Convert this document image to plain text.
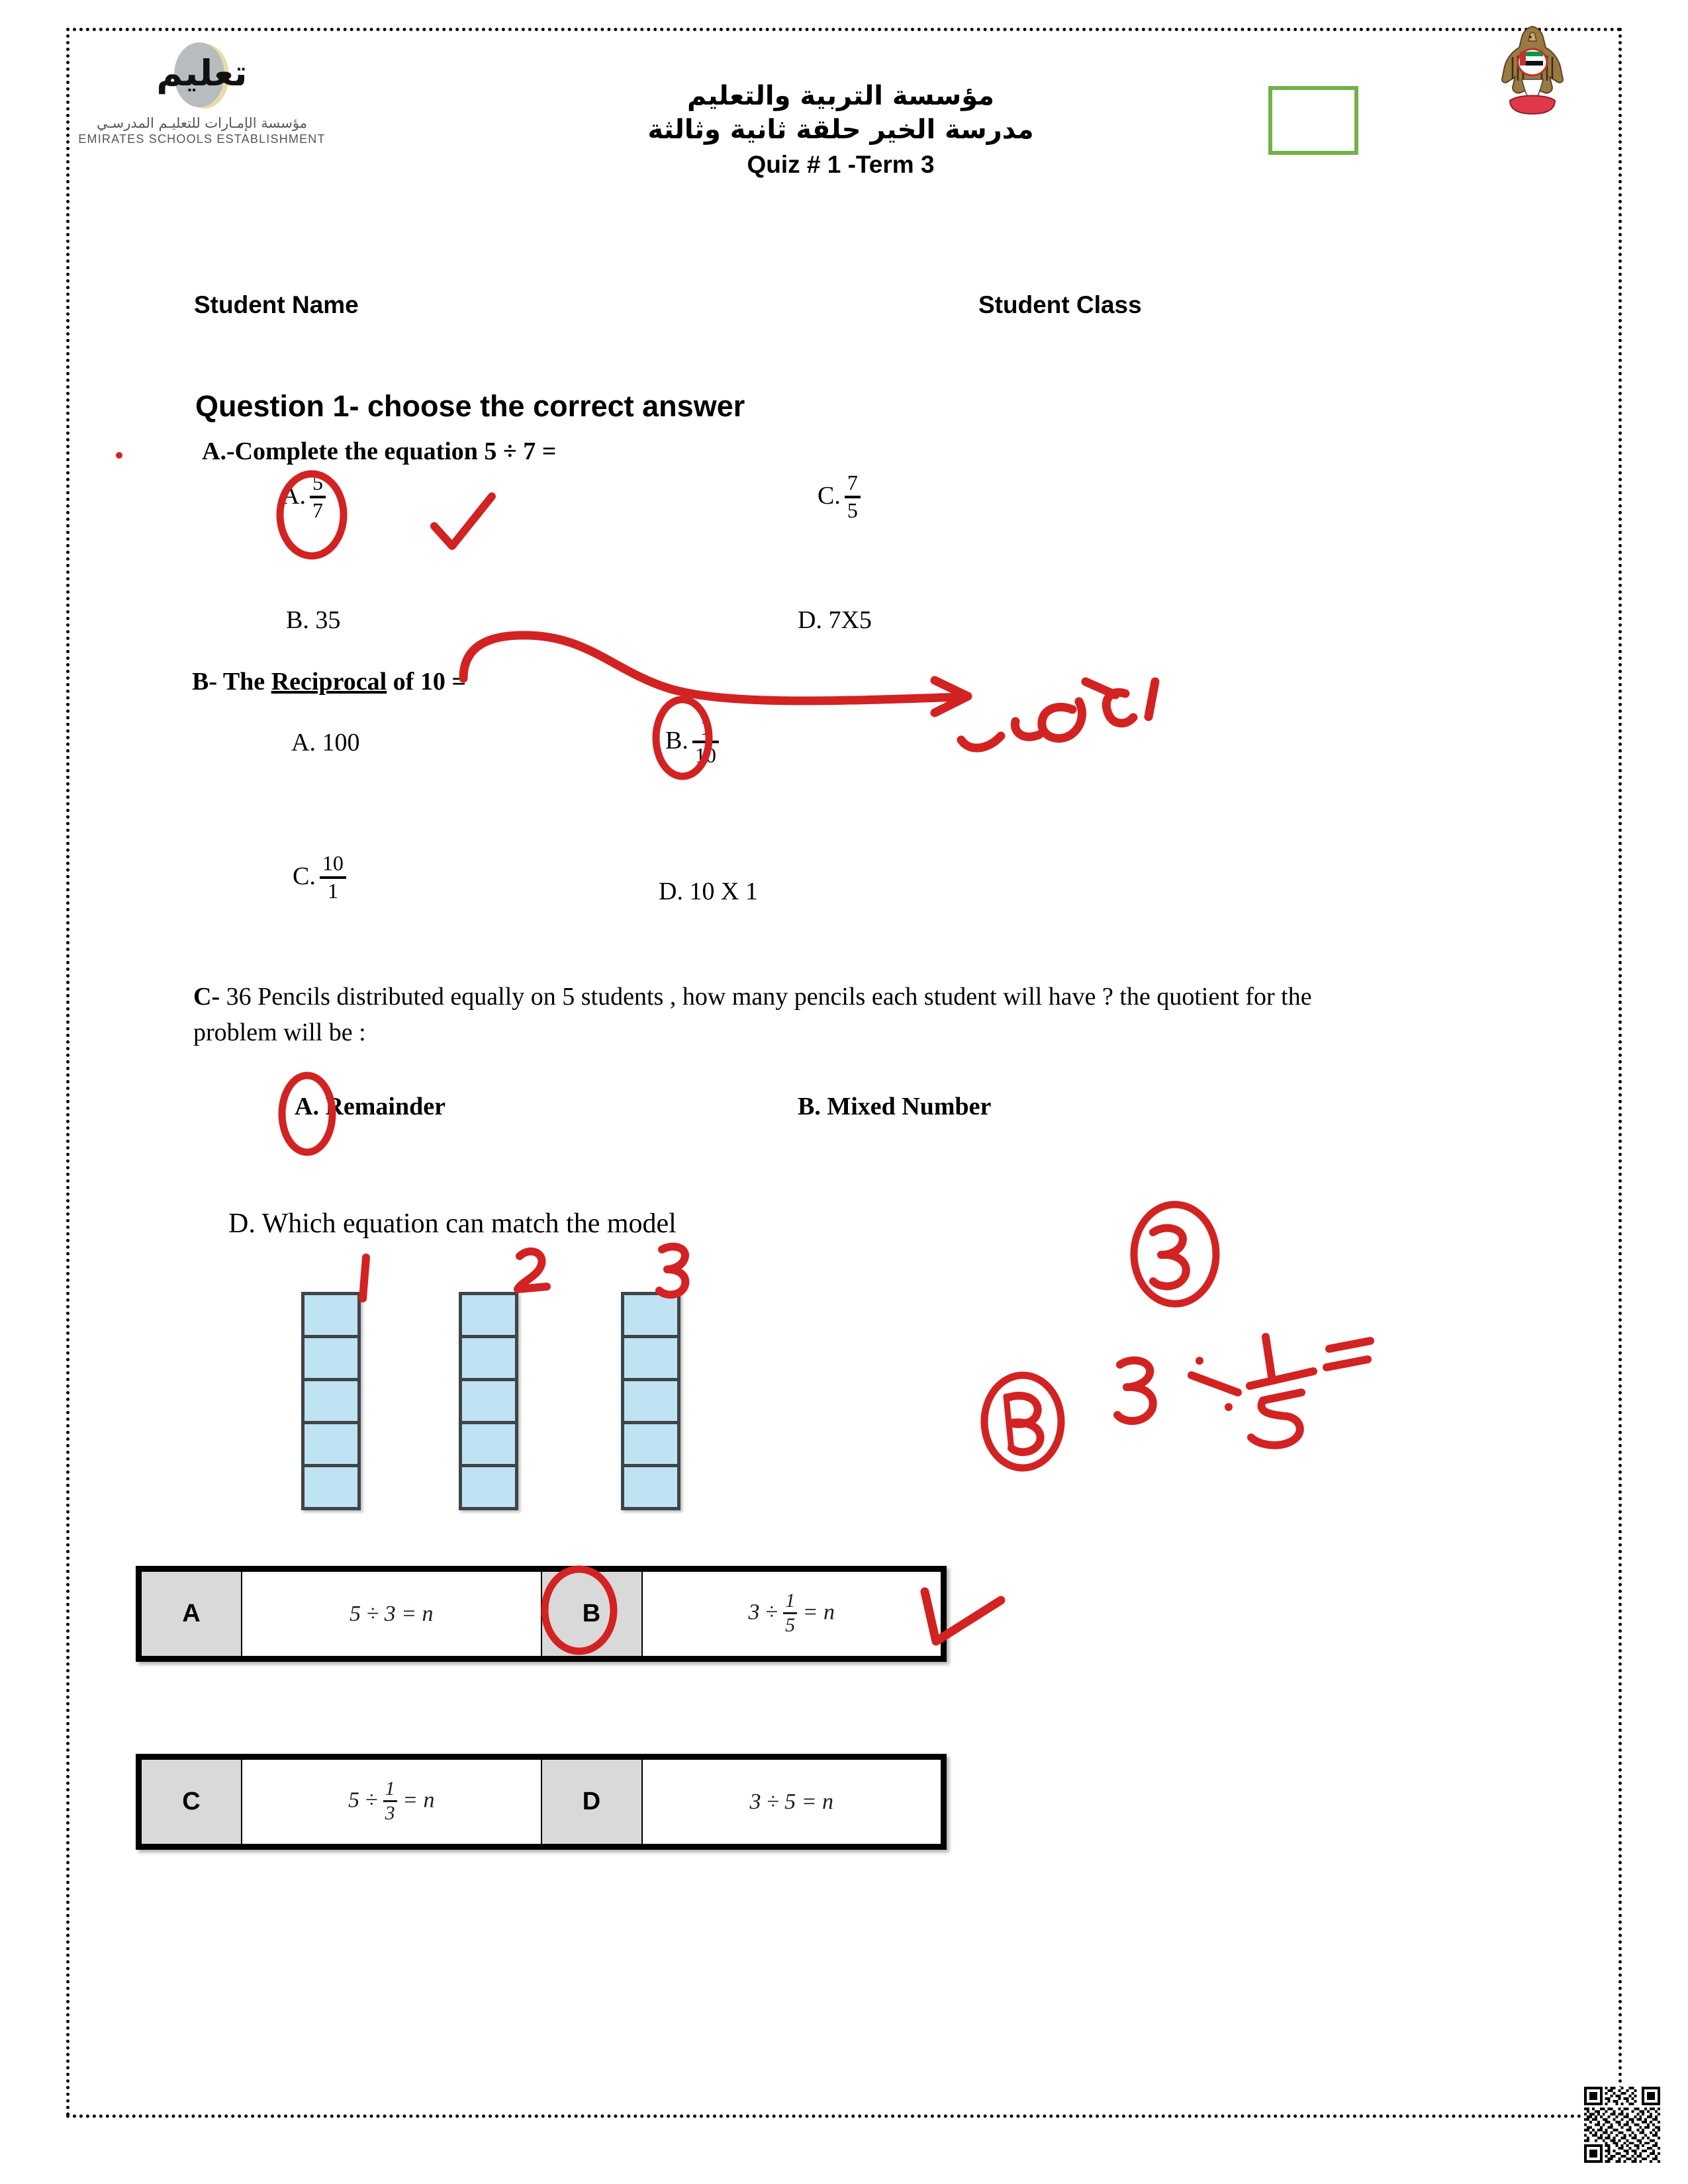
تعليم
مؤسسة الإمـارات للتعليـم المدرسـي
EMIRATES SCHOOLS ESTABLISHMENT
مؤسسة التربية والتعليم
مدرسة الخير حلقة ثانية وثالثة
Quiz # 1 -Term 3
Student Name	Student Class
Question 1- choose the correct answer
A.-Complete the equation 5 ÷ 7 =
A. $\frac{5}{7}$	C. $\frac{7}{5}$
B. 35	D. 7X5
B- The Reciprocal of 10 =
A. 100	B. $\frac{1}{10}$
C. $\frac{10}{1}$	D. 10 X 1
C- 36 Pencils distributed equally on 5 students , how many pencils each student will have ? the quotient for the problem will be :
A. Remainder	B. Mixed Number
D. Which equation can match the model
A	5 ÷ 3 = n	B	$3 \div \frac{1}{5} = n$
C	$5 \div \frac{1}{3} = n$	D	3 ÷ 5 = n
